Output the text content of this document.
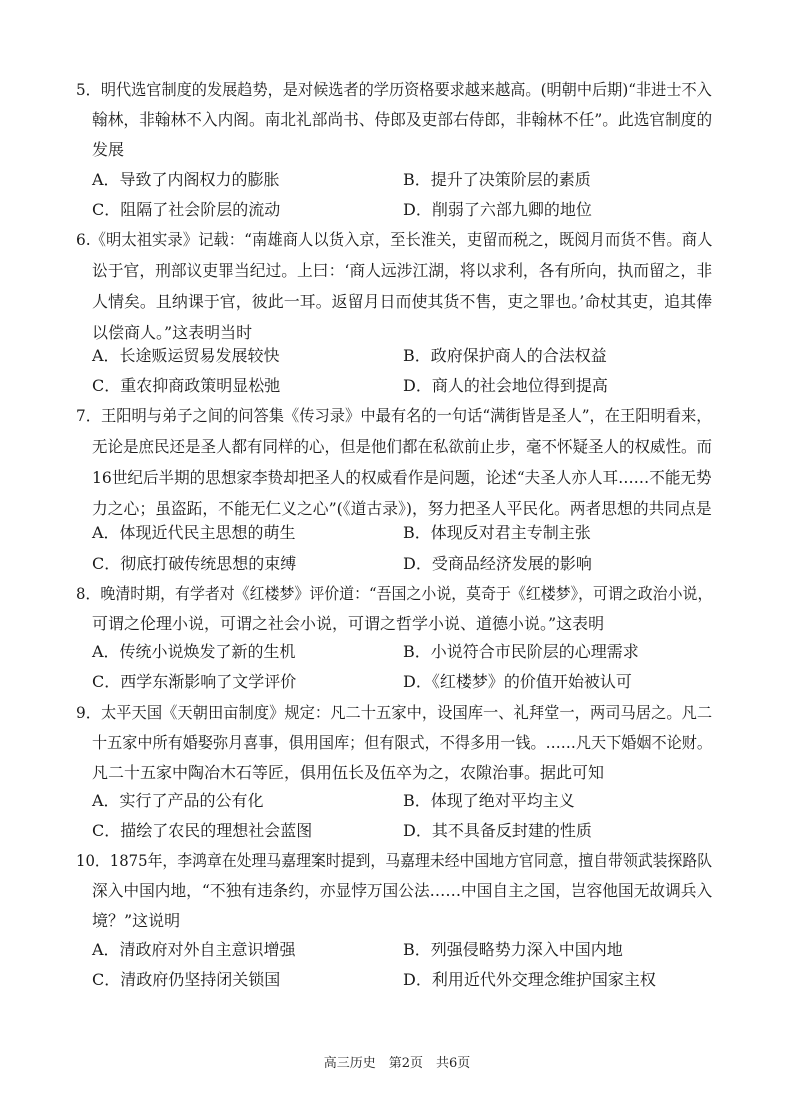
5．明代选官制度的发展趋势，是对候选者的学历资格要求越来越高。(明朝中后期)“非进士不入
翰林，非翰林不入内阁。南北礼部尚书、侍郎及吏部右侍郎，非翰林不任”。此选官制度的
发展
A．导致了内阁权力的膨胀	B．提升了决策阶层的素质
C．阻隔了社会阶层的流动	D．削弱了六部九卿的地位
6.《明太祖实录》记载：“南雄商人以货入京，至长淮关，吏留而税之，既阅月而货不售。商人
讼于官，刑部议吏罪当纪过。上曰：‘商人远涉江湖，将以求利，各有所向，执而留之，非
人情矣。且纳课于官，彼此一耳。返留月日而使其货不售，吏之罪也。’命杖其吏，追其俸
以偿商人。”这表明当时
A．长途贩运贸易发展较快	B．政府保护商人的合法权益
C．重农抑商政策明显松弛	D．商人的社会地位得到提高
7．王阳明与弟子之间的问答集《传习录》中最有名的一句话“满街皆是圣人”，在王阳明看来，
无论是庶民还是圣人都有同样的心，但是他们都在私欲前止步，毫不怀疑圣人的权威性。而
16世纪后半期的思想家李贽却把圣人的权威看作是问题，论述“夫圣人亦人耳……不能无势
力之心；虽盗跖，不能无仁义之心”(《道古录》)，努力把圣人平民化。两者思想的共同点是
A．体现近代民主思想的萌生	B．体现反对君主专制主张
C．彻底打破传统思想的束缚	D．受商品经济发展的影响
8．晚清时期，有学者对《红楼梦》评价道：“吾国之小说，莫奇于《红楼梦》，可谓之政治小说，
可谓之伦理小说，可谓之社会小说，可谓之哲学小说、道德小说。”这表明
A．传统小说焕发了新的生机	B．小说符合市民阶层的心理需求
C．西学东渐影响了文学评价	D．《红楼梦》的价值开始被认可
9．太平天国《天朝田亩制度》规定：凡二十五家中，设国库一、礼拜堂一，两司马居之。凡二
十五家中所有婚娶弥月喜事，俱用国库；但有限式，不得多用一钱。……凡天下婚姻不论财。
凡二十五家中陶冶木石等匠，俱用伍长及伍卒为之，农隙治事。据此可知
A．实行了产品的公有化	B．体现了绝对平均主义
C．描绘了农民的理想社会蓝图	D．其不具备反封建的性质
10．1875年，李鸿章在处理马嘉理案时提到，马嘉理未经中国地方官同意，擅自带领武装探路队
深入中国内地，“不独有违条约，亦显悖万国公法……中国自主之国，岂容他国无故调兵入
境？”这说明
A．清政府对外自主意识增强	B．列强侵略势力深入中国内地
C．清政府仍坚持闭关锁国	D．利用近代外交理念维护国家主权
高三历史　第2页　共6页
